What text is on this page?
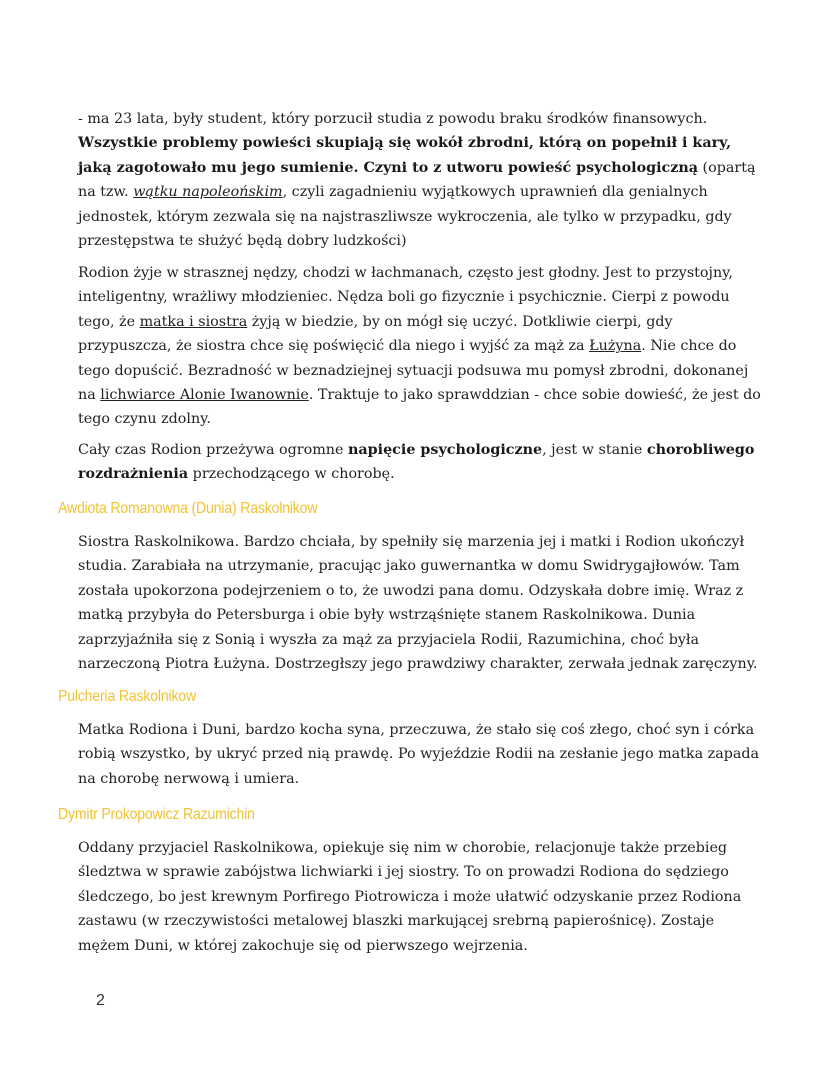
- ma 23 lata, były student, który porzucił studia z powodu braku środków finansowych. Wszystkie problemy powieści skupiają się wokół zbrodni, którą on popełnił i kary, jaką zagotowało mu jego sumienie. Czyni to z utworu powieść psychologiczną (opartą na tzw. wątku napoleońskim, czyli zagadnieniu wyjątkowych uprawnień dla genialnych jednostek, którym zezwala się na najstraszliwsze wykroczenia, ale tylko w przypadku, gdy przestępstwa te służyć będą dobry ludzkości)

Rodion żyje w strasznej nędzy, chodzi w łachmanach, często jest głodny. Jest to przystojny, inteligentny, wrażliwy młodzieniec. Nędza boli go fizycznie i psychicznie. Cierpi z powodu tego, że matka i siostra żyją w biedzie, by on mógł się uczyć. Dotkliwie cierpi, gdy przypuszcza, że siostra chce się poświęcić dla niego i wyjść za mąż za Łużyna. Nie chce do tego dopuścić. Bezradność w beznadziejnej sytuacji podsuwa mu pomysł zbrodni, dokonanej na lichwiarce Alonie Iwanownie. Traktuje to jako sprawddzian - chce sobie dowieść, że jest do tego czynu zdolny.

Cały czas Rodion przeżywa ogromne napięcie psychologiczne, jest w stanie chorobliwego rozdrażnienia przechodzącego w chorobę.

Awdiota Romanowna (Dunia) Raskolnikow

Siostra Raskolnikowa. Bardzo chciała, by spełniły się marzenia jej i matki i Rodion ukończył studia. Zarabiała na utrzymanie, pracując jako guwernantka w domu Swidrygajłowów. Tam została upokorzona podejrzeniem o to, że uwodzi pana domu. Odzyskała dobre imię. Wraz z matką przybyła do Petersburga i obie były wstrząśnięte stanem Raskolnikowa. Dunia zaprzyjaźniła się z Sonią i wyszła za mąż za przyjaciela Rodii, Razumichina, choć była narzeczoną Piotra Łużyna. Dostrzegłszy jego prawdziwy charakter, zerwała jednak zaręczyny.

Pulcheria Raskolnikow

Matka Rodiona i Duni, bardzo kocha syna, przeczuwa, że stało się coś złego, choć syn i córka robią wszystko, by ukryć przed nią prawdę. Po wyjeździe Rodii na zesłanie jego matka zapada na chorobę nerwową i umiera.

Dymitr Prokopowicz Razumichin

Oddany przyjaciel Raskolnikowa, opiekuje się nim w chorobie, relacjonuje także przebieg śledztwa w sprawie zabójstwa lichwiarki i jej siostry. To on prowadzi Rodiona do sędziego śledczego, bo jest krewnym Porfirego Piotrowicza i może ułatwić odzyskanie przez Rodiona zastawu (w rzeczywistości metalowej blaszki markującej srebrną papierośnicę). Zostaje mężem Duni, w której zakochuje się od pierwszego wejrzenia.

2
